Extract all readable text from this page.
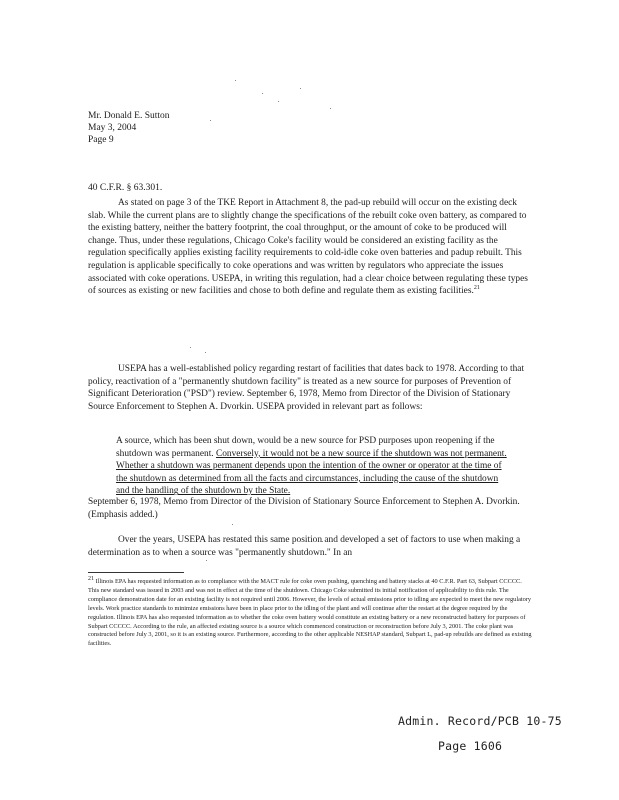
Mr. Donald E. Sutton
May 3, 2004
Page 9
40 C.F.R. § 63.301.

As stated on page 3 of the TKE Report in Attachment 8, the pad-up rebuild will occur on the existing deck slab. While the current plans are to slightly change the specifications of the rebuilt coke oven battery, as compared to the existing battery, neither the battery footprint, the coal throughput, or the amount of coke to be produced will change. Thus, under these regulations, Chicago Coke's facility would be considered an existing facility as the regulation specifically applies existing facility requirements to cold-idle coke oven batteries and padup rebuilt. This regulation is applicable specifically to coke operations and was written by regulators who appreciate the issues associated with coke operations. USEPA, in writing this regulation, had a clear choice between regulating these types of sources as existing or new facilities and chose to both define and regulate them as existing facilities.$^{21}$

USEPA has a well-established policy regarding restart of facilities that dates back to 1978. According to that policy, reactivation of a "permanently shutdown facility" is treated as a new source for purposes of Prevention of Significant Deterioration ("PSD") review. September 6, 1978, Memo from Director of the Division of Stationary Source Enforcement to Stephen A. Dvorkin. USEPA provided in relevant part as follows:

A source, which has been shut down, would be a new source for PSD purposes upon reopening if the shutdown was permanent. Conversely, it would not be a new source if the shutdown was not permanent. Whether a shutdown was permanent depends upon the intention of the owner or operator at the time of the shutdown as determined from all the facts and circumstances, including the cause of the shutdown and the handling of the shutdown by the State.

September 6, 1978, Memo from Director of the Division of Stationary Source Enforcement to Stephen A. Dvorkin. (Emphasis added.)

Over the years, USEPA has restated this same position and developed a set of factors to use when making a determination as to when a source was "permanently shutdown." In an

$^{21}$ Illinois EPA has requested information as to compliance with the MACT rule for coke oven pushing, quenching and battery stacks at 40 C.F.R. Part 63, Subpart CCCCC. This new standard was issued in 2003 and was not in effect at the time of the shutdown. Chicago Coke submitted its initial notification of applicability to this rule. The compliance demonstration date for an existing facility is not required until 2006. However, the levels of actual emissions prior to idling are expected to meet the new regulatory levels. Work practice standards to minimize emissions have been in place prior to the idling of the plant and will continue after the restart at the degree required by the regulation. Illinois EPA has also requested information as to whether the coke oven battery would constitute an existing battery or a new reconstructed battery for purposes of Subpart CCCCC. According to the rule, an affected existing source is a source which commenced construction or reconstruction before July 3, 2001. The coke plant was constructed before July 3, 2001, so it is an existing source. Furthermore, according to the other applicable NESHAP standard, Subpart L, pad-up rebuilds are defined as existing facilities.

Admin. Record/PCB 10-75
Page 1606
